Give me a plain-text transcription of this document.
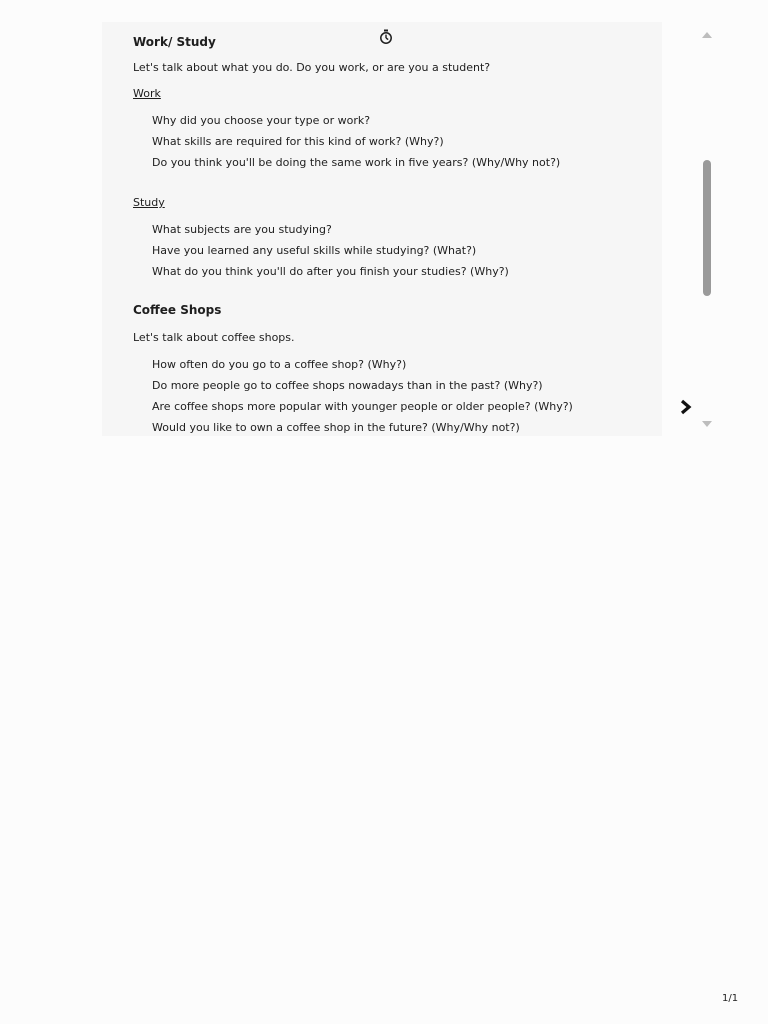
Work/ Study

Let's talk about what you do. Do you work, or are you a student?

Work

Why did you choose your type or work?

What skills are required for this kind of work? (Why?)

Do you think you'll be doing the same work in five years? (Why/Why not?)

Study

What subjects are you studying?

Have you learned any useful skills while studying? (What?)

What do you think you'll do after you finish your studies? (Why?)

Coffee Shops

Let's talk about coffee shops.

How often do you go to a coffee shop? (Why?)

Do more people go to coffee shops nowadays than in the past? (Why?)

Are coffee shops more popular with younger people or older people? (Why?)

Would you like to own a coffee shop in the future? (Why/Why not?)

1/1
